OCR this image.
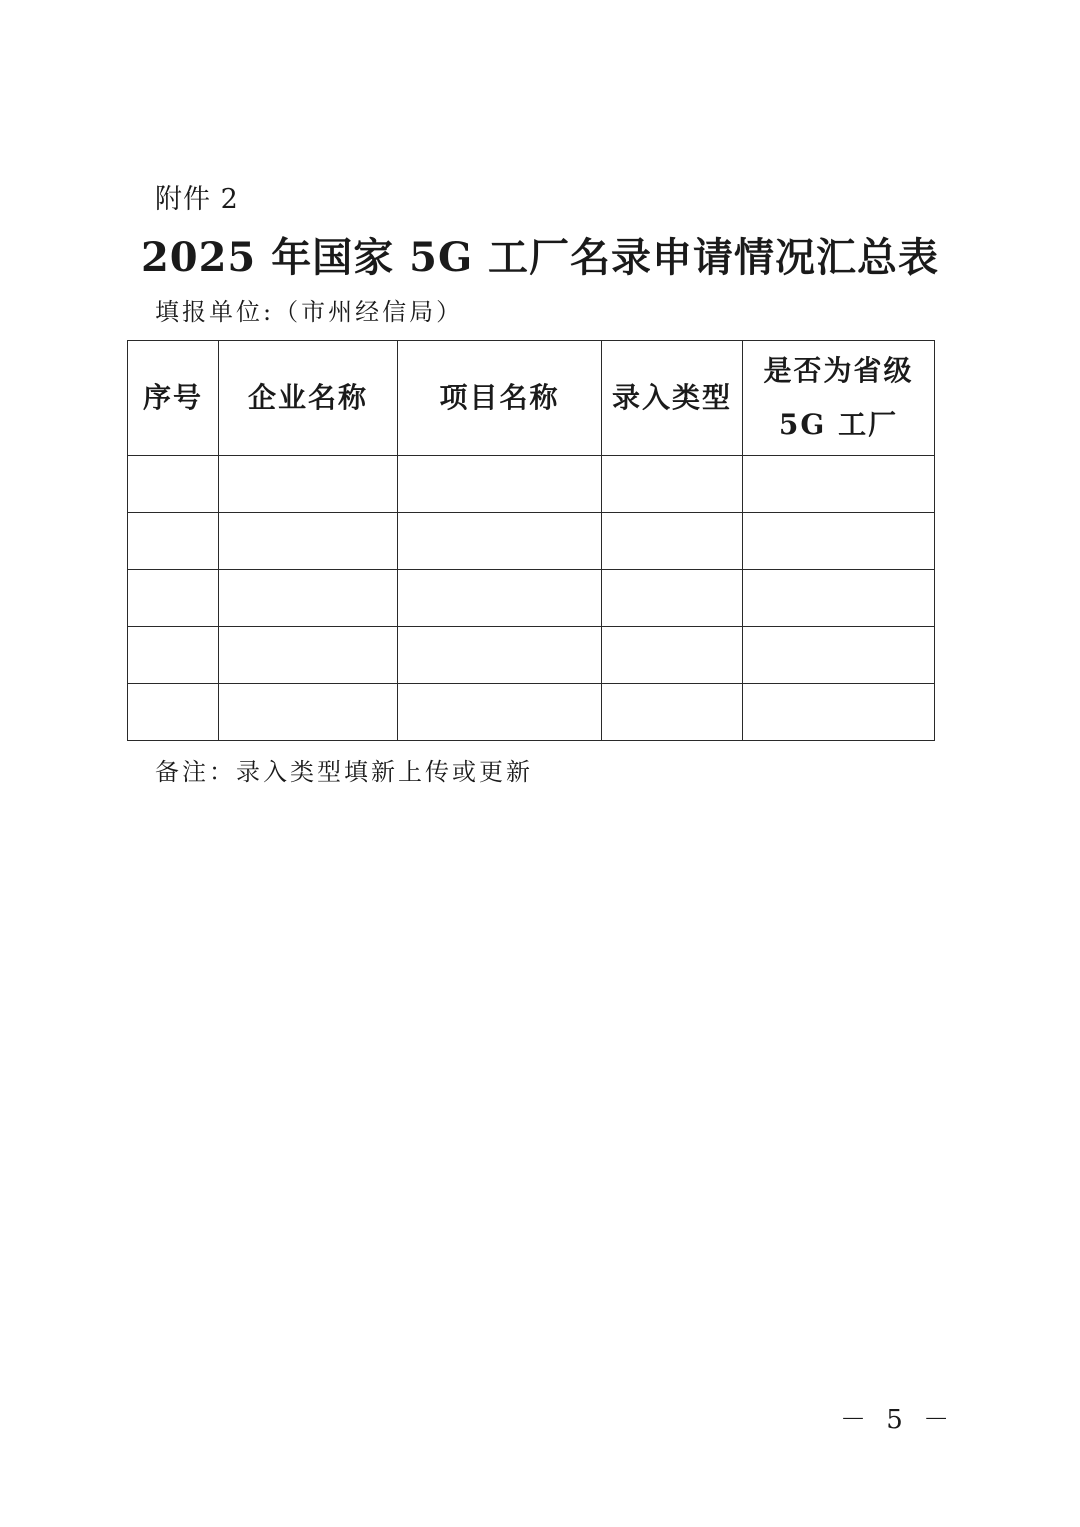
附件 2
2025 年国家 5G 工厂名录申请情况汇总表
填报单位:（市州经信局）
序号	企业名称	项目名称	录入类型	是否为省级
5G 工厂

备注：录入类型填新上传或更新
－ 5 －
